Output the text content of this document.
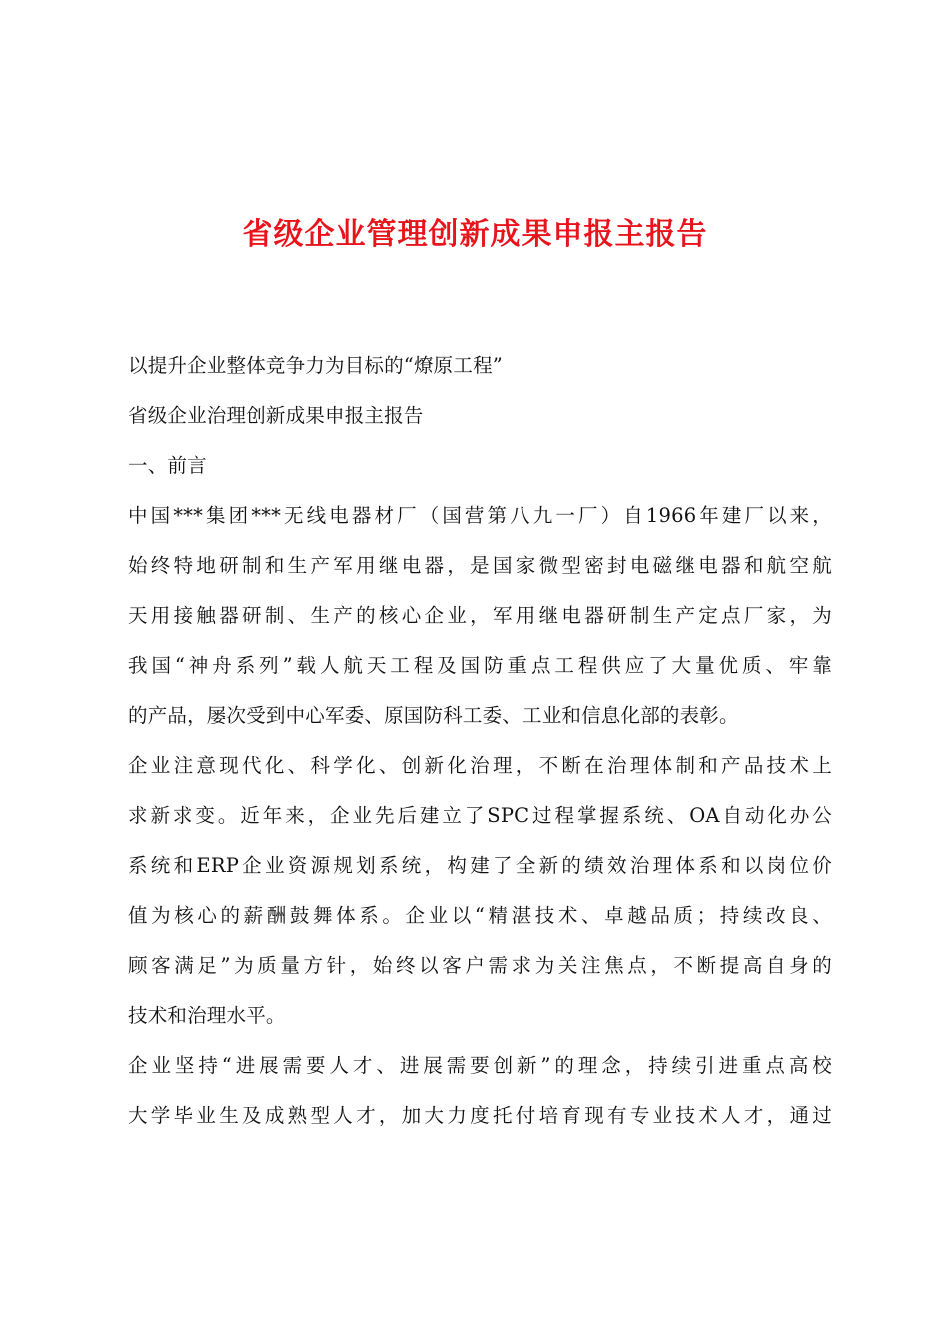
省级企业管理创新成果申报主报告
以提升企业整体竞争力为目标的“燎原工程”
省级企业治理创新成果申报主报告
一、前言
中国***集团***无线电器材厂（国营第八九一厂）自1966年建厂以来，
始终特地研制和生产军用继电器，是国家微型密封电磁继电器和航空航
天用接触器研制、生产的核心企业，军用继电器研制生产定点厂家，为
我国“神舟系列”载人航天工程及国防重点工程供应了大量优质、牢靠
的产品，屡次受到中心军委、原国防科工委、工业和信息化部的表彰。
企业注意现代化、科学化、创新化治理，不断在治理体制和产品技术上
求新求变。近年来，企业先后建立了SPC过程掌握系统、OA自动化办公
系统和ERP企业资源规划系统，构建了全新的绩效治理体系和以岗位价
值为核心的薪酬鼓舞体系。企业以“精湛技术、卓越品质；持续改良、
顾客满足”为质量方针，始终以客户需求为关注焦点，不断提高自身的
技术和治理水平。
企业坚持“进展需要人才、进展需要创新”的理念，持续引进重点高校
大学毕业生及成熟型人才，加大力度托付培育现有专业技术人才，通过
